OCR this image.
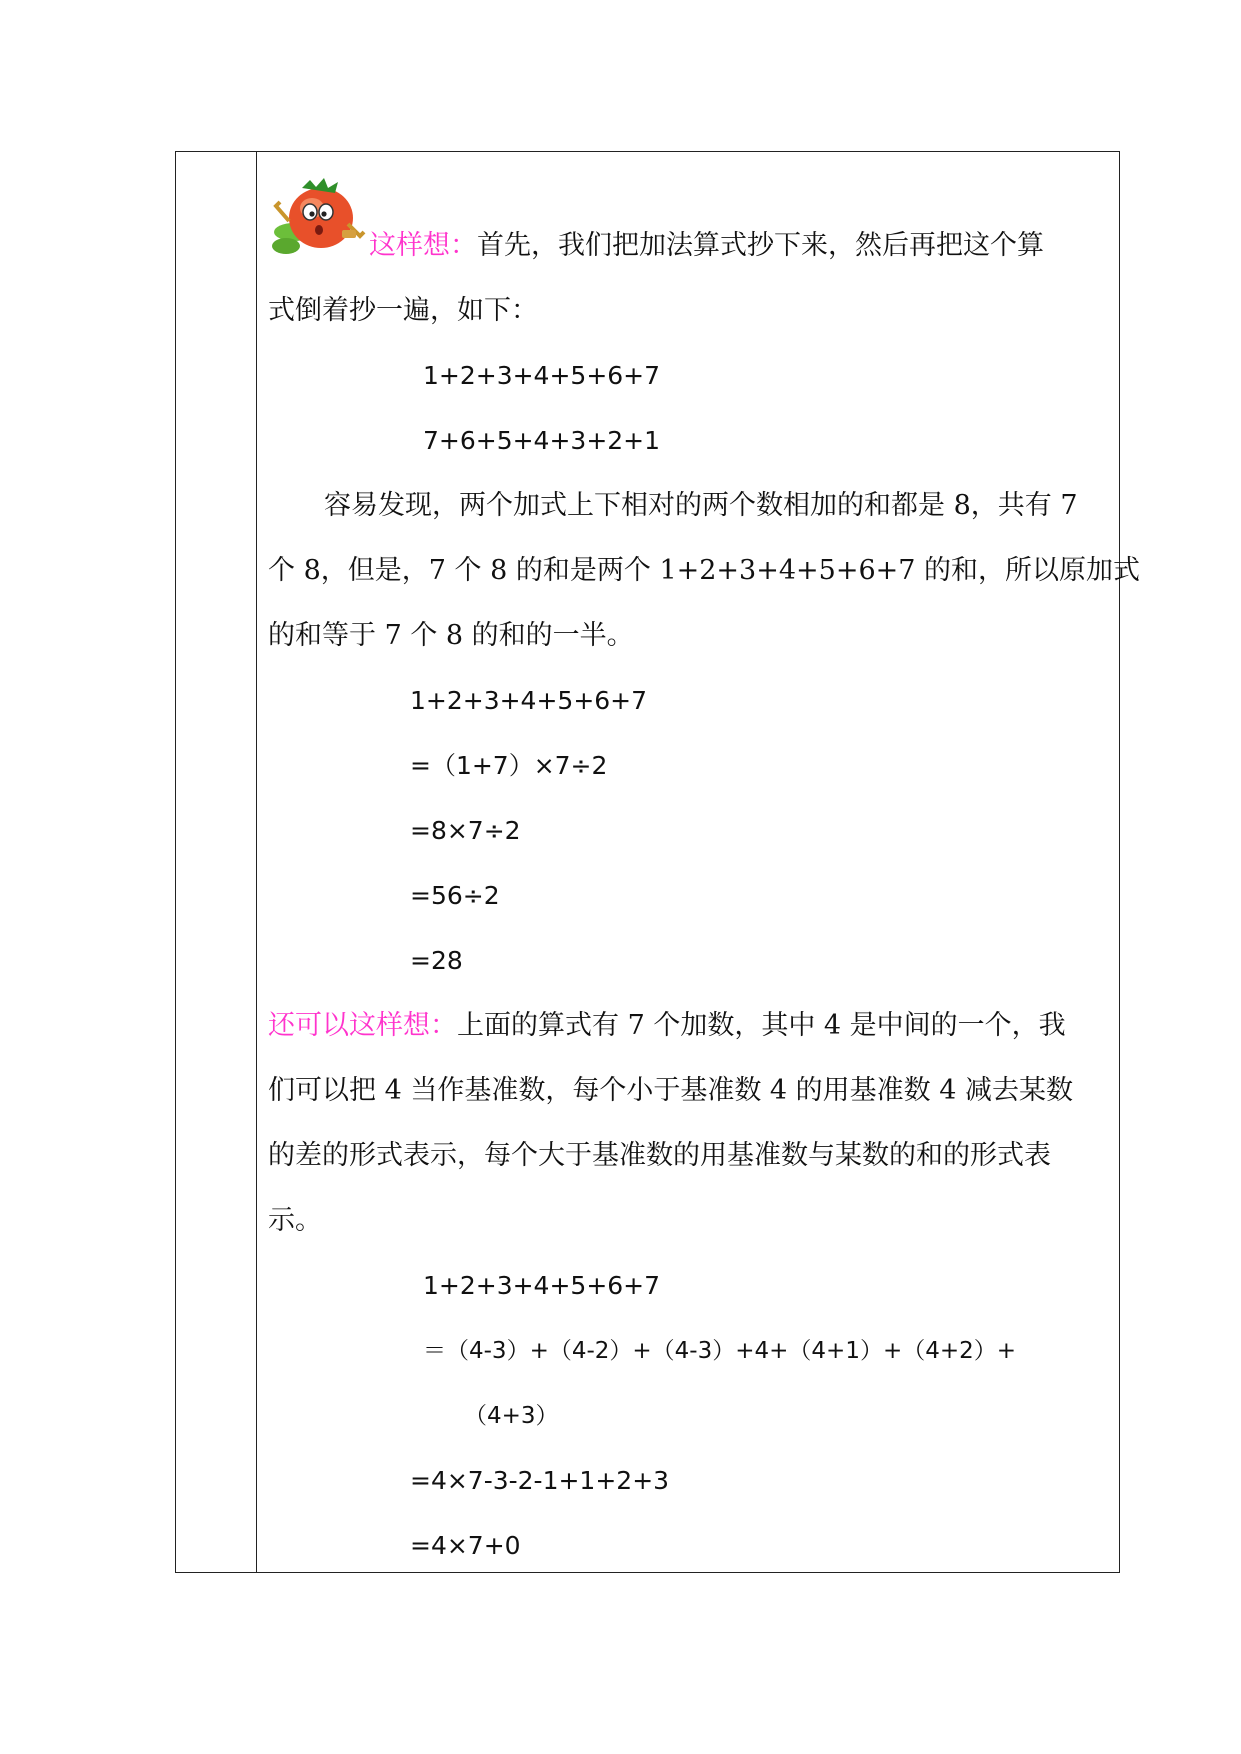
这样想：首先，我们把加法算式抄下来，然后再把这个算
式倒着抄一遍，如下：
1+2+3+4+5+6+7
7+6+5+4+3+2+1
容易发现，两个加式上下相对的两个数相加的和都是 8，共有 7
个 8，但是，7 个 8 的和是两个 1+2+3+4+5+6+7 的和，所以原加式
的和等于 7 个 8 的和的一半。
1+2+3+4+5+6+7
=（1+7）×7÷2
=8×7÷2
=56÷2
=28
还可以这样想：上面的算式有 7 个加数，其中 4 是中间的一个，我
们可以把 4 当作基准数，每个小于基准数 4 的用基准数 4 减去某数
的差的形式表示，每个大于基准数的用基准数与某数的和的形式表
示。
1+2+3+4+5+6+7
＝（4-3）+（4-2）+（4-3）+4+（4+1）+（4+2）+
（4+3）
=4×7-3-2-1+1+2+3
=4×7+0
